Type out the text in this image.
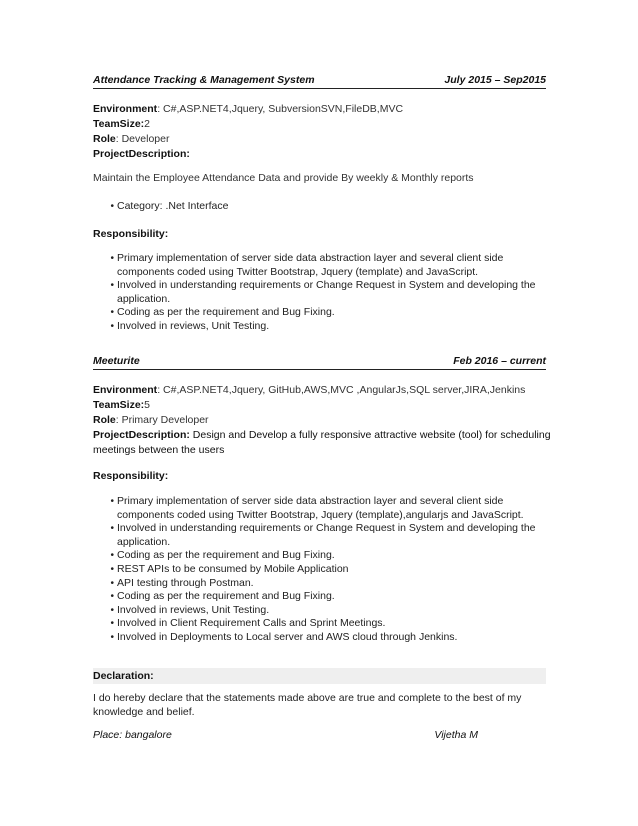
Attendance Tracking & Management System	July 2015 – Sep2015
Environment: C#,ASP.NET4,Jquery, SubversionSVN,FileDB,MVC
TeamSize:2
Role: Developer
ProjectDescription:
Maintain the Employee Attendance Data and provide By weekly & Monthly reports
• Category: .Net Interface
Responsibility:
• Primary implementation of server side data abstraction layer and several client side components coded using Twitter Bootstrap, Jquery (template) and JavaScript.
• Involved in understanding requirements or Change Request in System and developing the application.
• Coding as per the requirement and Bug Fixing.
• Involved in reviews, Unit Testing.
Meeturite	Feb 2016 – current
Environment: C#,ASP.NET4,Jquery, GitHub,AWS,MVC ,AngularJs,SQL server,JIRA,Jenkins
TeamSize:5
Role: Primary Developer
ProjectDescription: Design and Develop a fully responsive attractive website (tool) for scheduling
meetings between the users
Responsibility:
• Primary implementation of server side data abstraction layer and several client side components coded using Twitter Bootstrap, Jquery (template),angularjs and JavaScript.
• Involved in understanding requirements or Change Request in System and developing the application.
• Coding as per the requirement and Bug Fixing.
• REST APIs to be consumed by Mobile Application
• API testing through Postman.
• Coding as per the requirement and Bug Fixing.
• Involved in reviews, Unit Testing.
• Involved in Client Requirement Calls and Sprint Meetings.
• Involved in Deployments to Local server and AWS cloud through Jenkins.
Declaration:
I do hereby declare that the statements made above are true and complete to the best of my knowledge and belief.
Place: bangalore	Vijetha M
